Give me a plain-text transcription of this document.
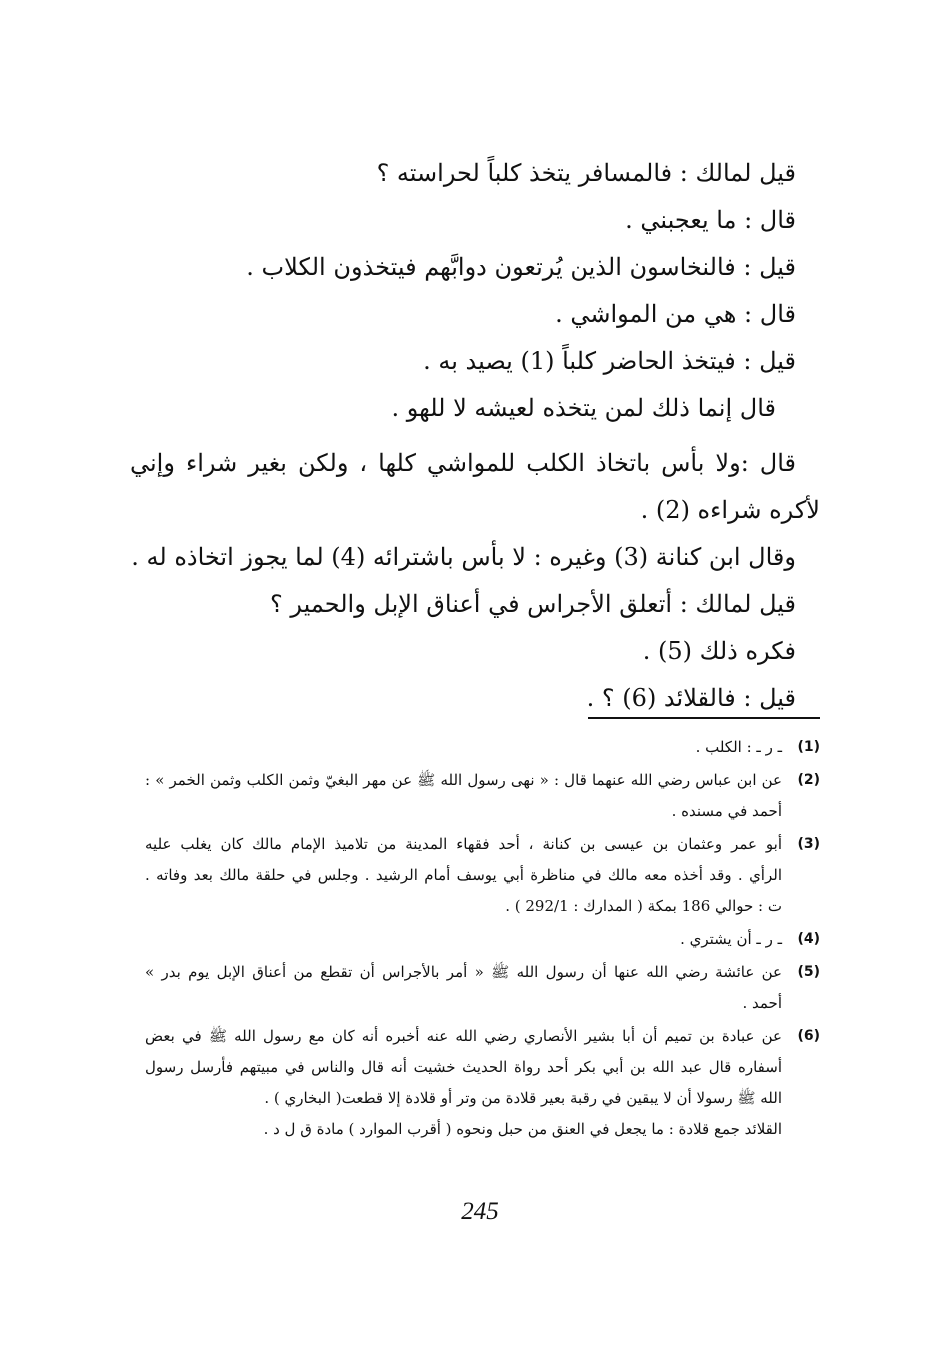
قيل لمالك : فالمسافر يتخذ كلباً لحراسته ؟
قال : ما يعجبني .
قيل : فالنخاسون الذين يُرتعون دوابَّهم فيتخذون الكلاب .
قال : هي من المواشي .
قيل : فيتخذ الحاضر كلباً (1) يصيد به .
قال إنما ذلك لمن يتخذه لعيشه لا للهو .
قال :ولا بأس باتخاذ الكلب للمواشي كلها ، ولكن بغير شراء وإني
لأكره شراءه (2) .
وقال ابن كنانة (3) وغيره : لا بأس باشترائه (4) لما يجوز اتخاذه له .
قيل لمالك : أتعلق الأجراس في أعناق الإبل والحمير ؟
فكره ذلك (5) .
قيل : فالقلائد (6) ؟ .
(1)
ـ ر ـ : الكلب .
(2)
عن ابن عباس رضي الله عنهما قال : « نهى رسول الله ﷺ عن مهر البغيّ وثمن الكلب وثمن الخمر » :
أحمد في مسنده .
(3)
أبو عمر وعثمان بن عيسى بن كنانة ، أحد فقهاء المدينة من تلاميذ الإمام مالك كان يغلب عليه
الرأي . وقد أخذه معه مالك في مناظرة أبي يوسف أمام الرشيد . وجلس في حلقة مالك بعد وفاته .
ت : حوالي 186 بمكة ( المدارك : 292/1 ) .
(4)
ـ ر ـ أن يشتري .
(5)
عن عائشة رضي الله عنها أن رسول الله ﷺ « أمر بالأجراس أن تقطع من أعناق الإبل يوم بدر »
أحمد .
(6)
عن عبادة بن تميم أن أبا بشير الأنصاري رضي الله عنه أخبره أنه كان مع رسول الله ﷺ في بعض
أسفاره قال عبد الله بن أبي بكر أحد رواة الحديث خشيت أنه قال والناس في مبيتهم فأرسل رسول
الله ﷺ رسولا أن لا يبقين في رقبة بعير قلادة من وتر أو قلادة إلا قطعت( البخاري ) .
القلائد جمع قلادة : ما يجعل في العنق من حبل ونحوه ( أقرب الموارد ) مادة ق ل د .
245
